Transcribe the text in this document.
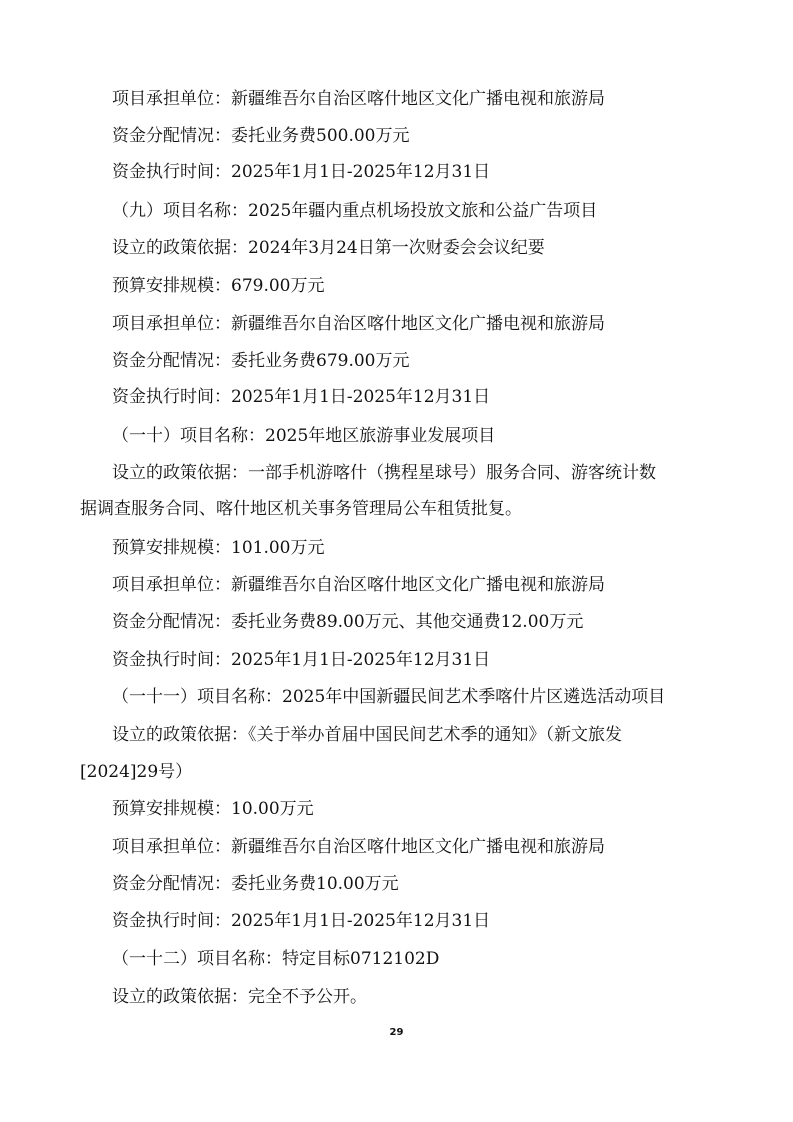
项目承担单位：新疆维吾尔自治区喀什地区文化广播电视和旅游局
资金分配情况：委托业务费500.00万元
资金执行时间：2025年1月1日-2025年12月31日
（九）项目名称：2025年疆内重点机场投放文旅和公益广告项目
设立的政策依据：2024年3月24日第一次财委会会议纪要
预算安排规模：679.00万元
项目承担单位：新疆维吾尔自治区喀什地区文化广播电视和旅游局
资金分配情况：委托业务费679.00万元
资金执行时间：2025年1月1日-2025年12月31日
（一十）项目名称：2025年地区旅游事业发展项目
设立的政策依据：一部手机游喀什（携程星球号）服务合同、游客统计数
据调查服务合同、喀什地区机关事务管理局公车租赁批复。
预算安排规模：101.00万元
项目承担单位：新疆维吾尔自治区喀什地区文化广播电视和旅游局
资金分配情况：委托业务费89.00万元、其他交通费12.00万元
资金执行时间：2025年1月1日-2025年12月31日
（一十一）项目名称：2025年中国新疆民间艺术季喀什片区遴选活动项目
设立的政策依据：《关于举办首届中国民间艺术季的通知》（新文旅发
[2024]29号）
预算安排规模：10.00万元
项目承担单位：新疆维吾尔自治区喀什地区文化广播电视和旅游局
资金分配情况：委托业务费10.00万元
资金执行时间：2025年1月1日-2025年12月31日
（一十二）项目名称：特定目标0712102D
设立的政策依据：完全不予公开。
29
